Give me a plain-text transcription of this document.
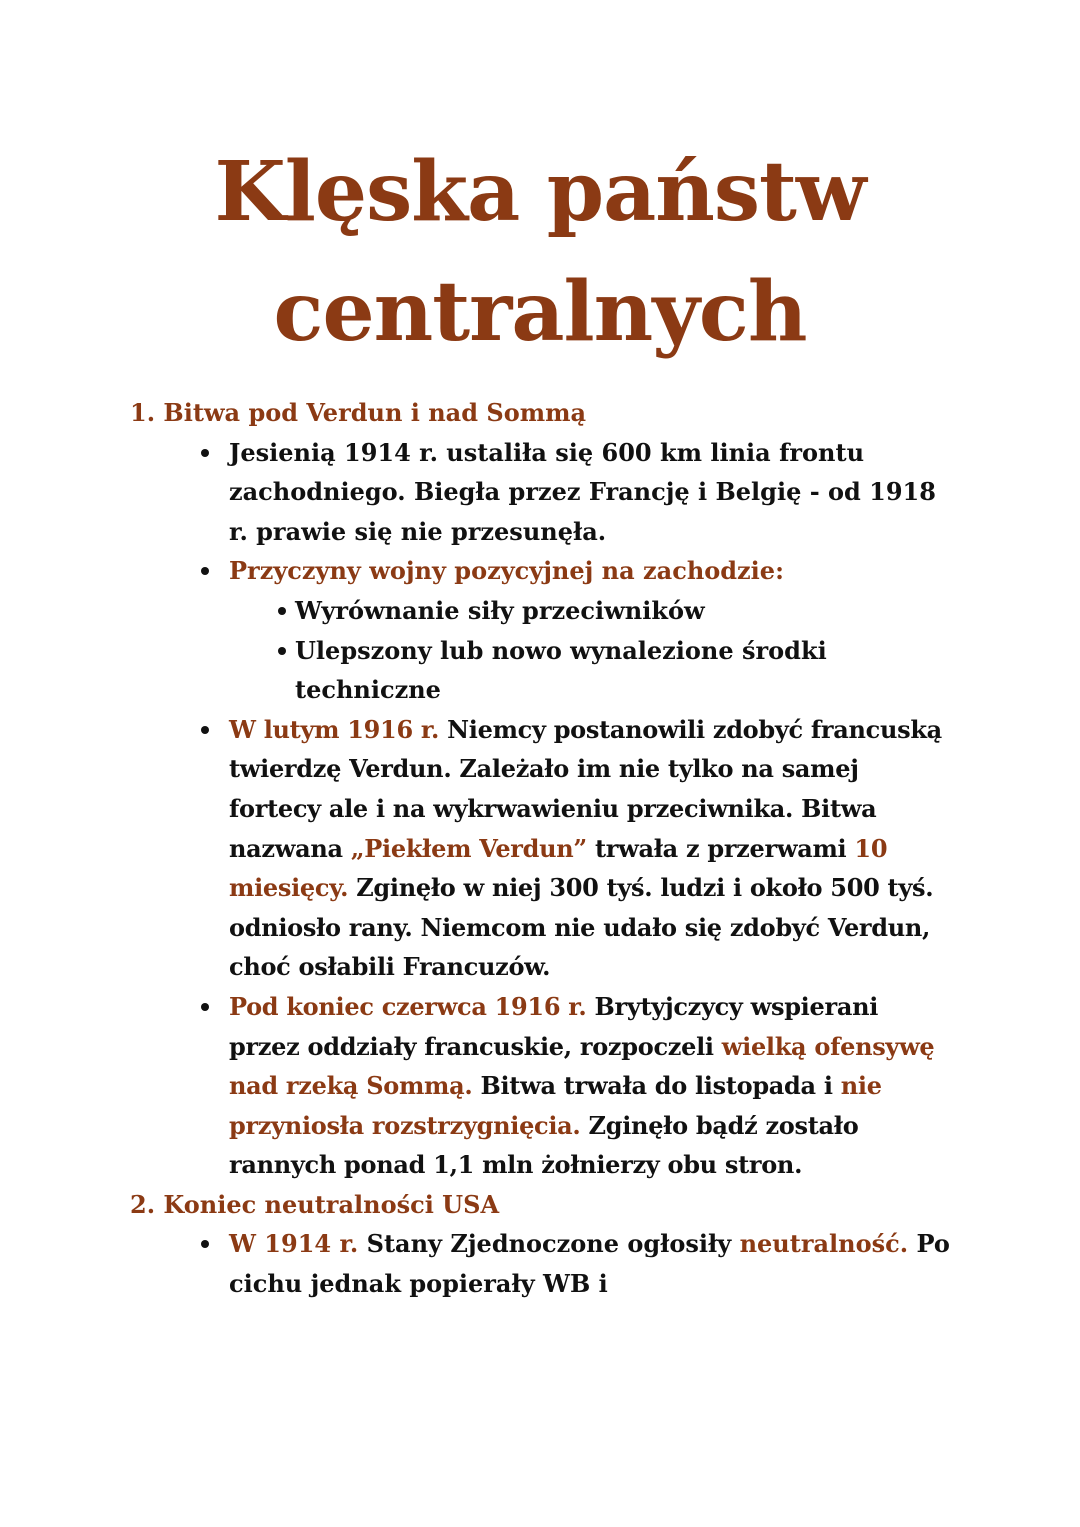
Klęska państw
centralnych
1. Bitwa pod Verdun i nad Sommą
Jesienią 1914 r. ustaliła się 600 km linia frontu zachodniego. Biegła przez Francję i Belgię - od 1918 r. prawie się nie przesunęła.
Przyczyny wojny pozycyjnej na zachodzie:
Wyrównanie siły przeciwników
Ulepszony lub nowo wynalezione środki techniczne
W lutym 1916 r. Niemcy postanowili zdobyć francuską twierdzę Verdun. Zależało im nie tylko na samej fortecy ale i na wykrwawieniu przeciwnika. Bitwa nazwana „Piekłem Verdun” trwała z przerwami 10 miesięcy. Zginęło w niej 300 tyś. ludzi i około 500 tyś. odniosło rany. Niemcom nie udało się zdobyć Verdun, choć osłabili Francuzów.
Pod koniec czerwca 1916 r. Brytyjczycy wspierani przez oddziały francuskie, rozpoczeli wielką ofensywę nad rzeką Sommą. Bitwa trwała do listopada i nie przyniosła rozstrzygnięcia. Zginęło bądź zostało rannych ponad 1,1 mln żołnierzy obu stron.
2. Koniec neutralności USA
W 1914 r. Stany Zjednoczone ogłosiły neutralność. Po cichu jednak popierały WB i
